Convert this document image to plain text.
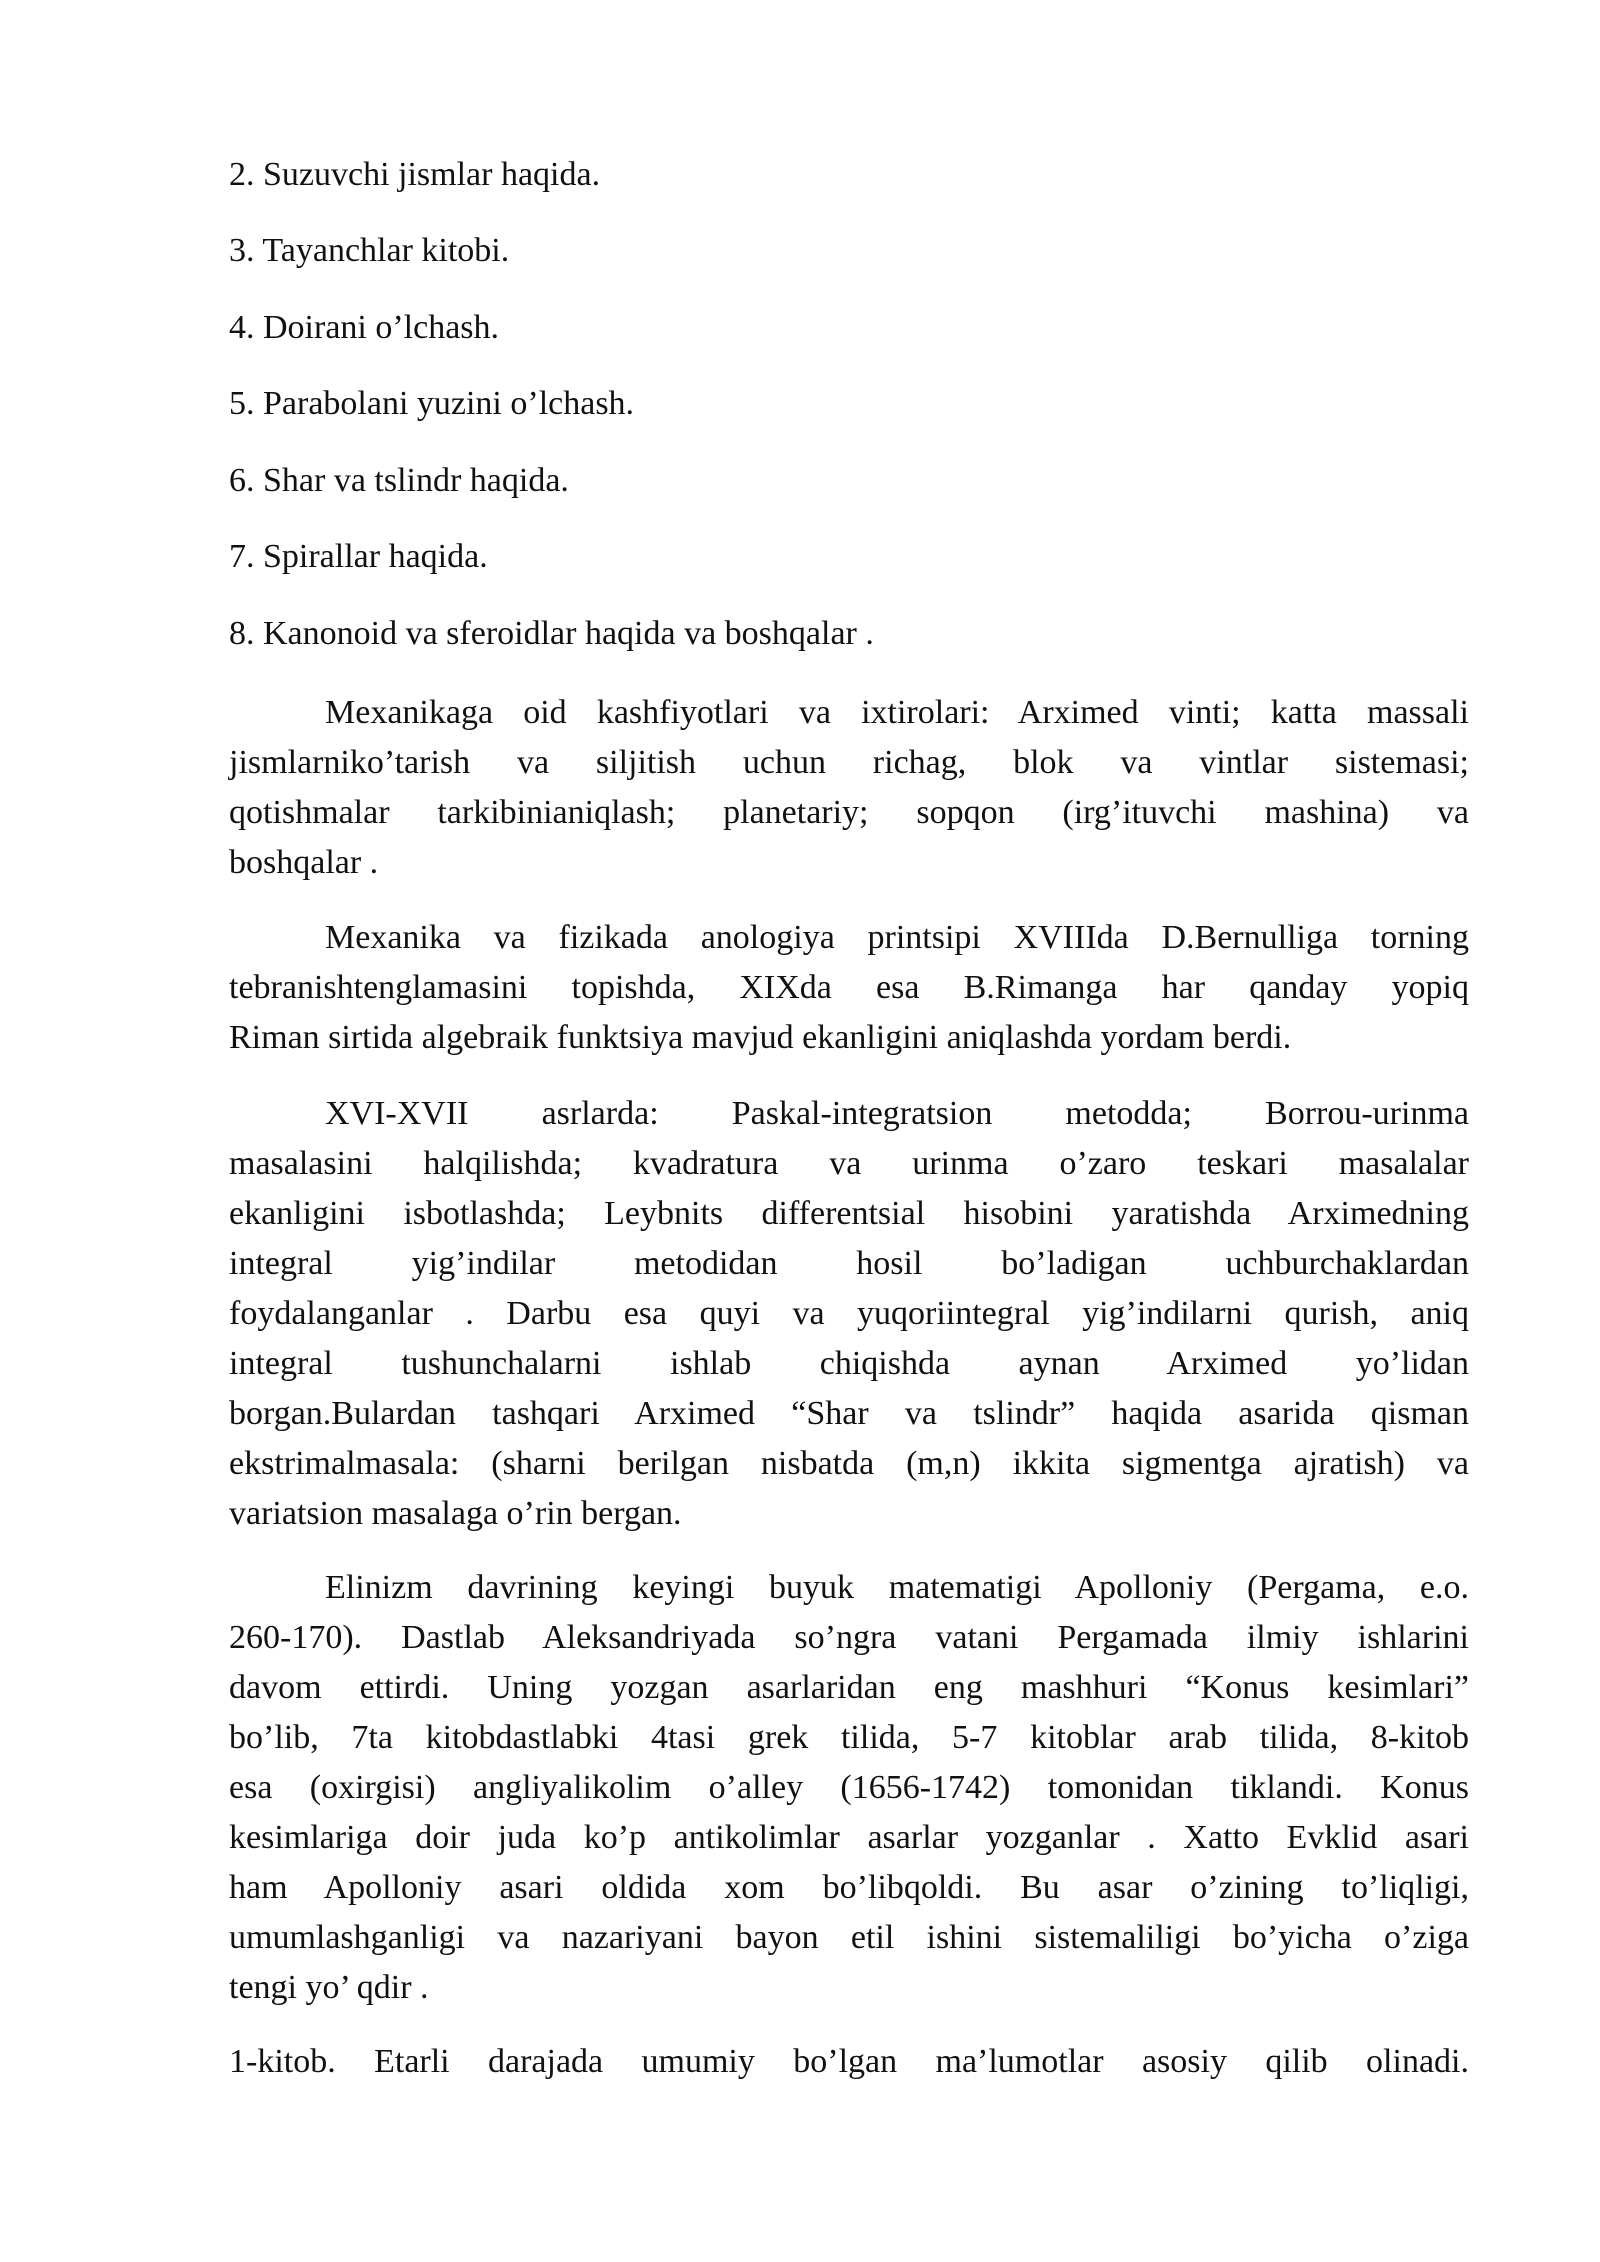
2. Suzuvchi jismlar haqida.
3. Tayanchlar kitobi.
4. Doirani o’lchash.
5. Parabolani yuzini o’lchash.
6. Shar va tslindr haqida.
7. Spirallar haqida.
8. Kanonoid va sferoidlar haqida va boshqalar .
Mexanikaga oid kashfiyotlari va ixtirolari: Arximed vinti; katta massali
jismlarniko’tarish va siljitish uchun richag, blok va vintlar sistemasi;
qotishmalar tarkibinianiqlash; planetariy; sopqon (irg’ituvchi mashina) va
boshqalar .
Mexanika va fizikada anologiya printsipi XVIIIda D.Bernulliga torning
tebranishtenglamasini topishda, XIXda esa B.Rimanga har qanday yopiq
Riman sirtida algebraik funktsiya mavjud ekanligini aniqlashda yordam berdi.
XVI-XVII asrlarda: Paskal-integratsion metodda; Borrou-urinma
masalasini halqilishda; kvadratura va urinma o’zaro teskari masalalar
ekanligini isbotlashda; Leybnits differentsial hisobini yaratishda Arximedning
integral yig’indilar metodidan hosil bo’ladigan uchburchaklardan
foydalanganlar . Darbu esa quyi va yuqoriintegral yig’indilarni qurish, aniq
integral tushunchalarni ishlab chiqishda aynan Arximed yo’lidan
borgan.Bulardan tashqari Arximed “Shar va tslindr” haqida asarida qisman
ekstrimalmasala: (sharni berilgan nisbatda (m,n) ikkita sigmentga ajratish) va
variatsion masalaga o’rin bergan.
Elinizm davrining keyingi buyuk matematigi Apolloniy (Pergama, e.o.
260-170). Dastlab Aleksandriyada so’ngra vatani Pergamada ilmiy ishlarini
davom ettirdi. Uning yozgan asarlaridan eng mashhuri “Konus kesimlari”
bo’lib, 7ta kitobdastlabki 4tasi grek tilida, 5-7 kitoblar arab tilida, 8-kitob
esa (oxirgisi) angliyalikolim o’alley (1656-1742) tomonidan tiklandi. Konus
kesimlariga doir juda ko’p antikolimlar asarlar yozganlar . Xatto Evklid asari
ham Apolloniy asari oldida xom bo’libqoldi. Bu asar o’zining to’liqligi,
umumlashganligi va nazariyani bayon etil ishini sistemaliligi bo’yicha o’ziga
tengi yo’ qdir .
1-kitob. Etarli darajada umumiy bo’lgan ma’lumotlar asosiy qilib olinadi.
